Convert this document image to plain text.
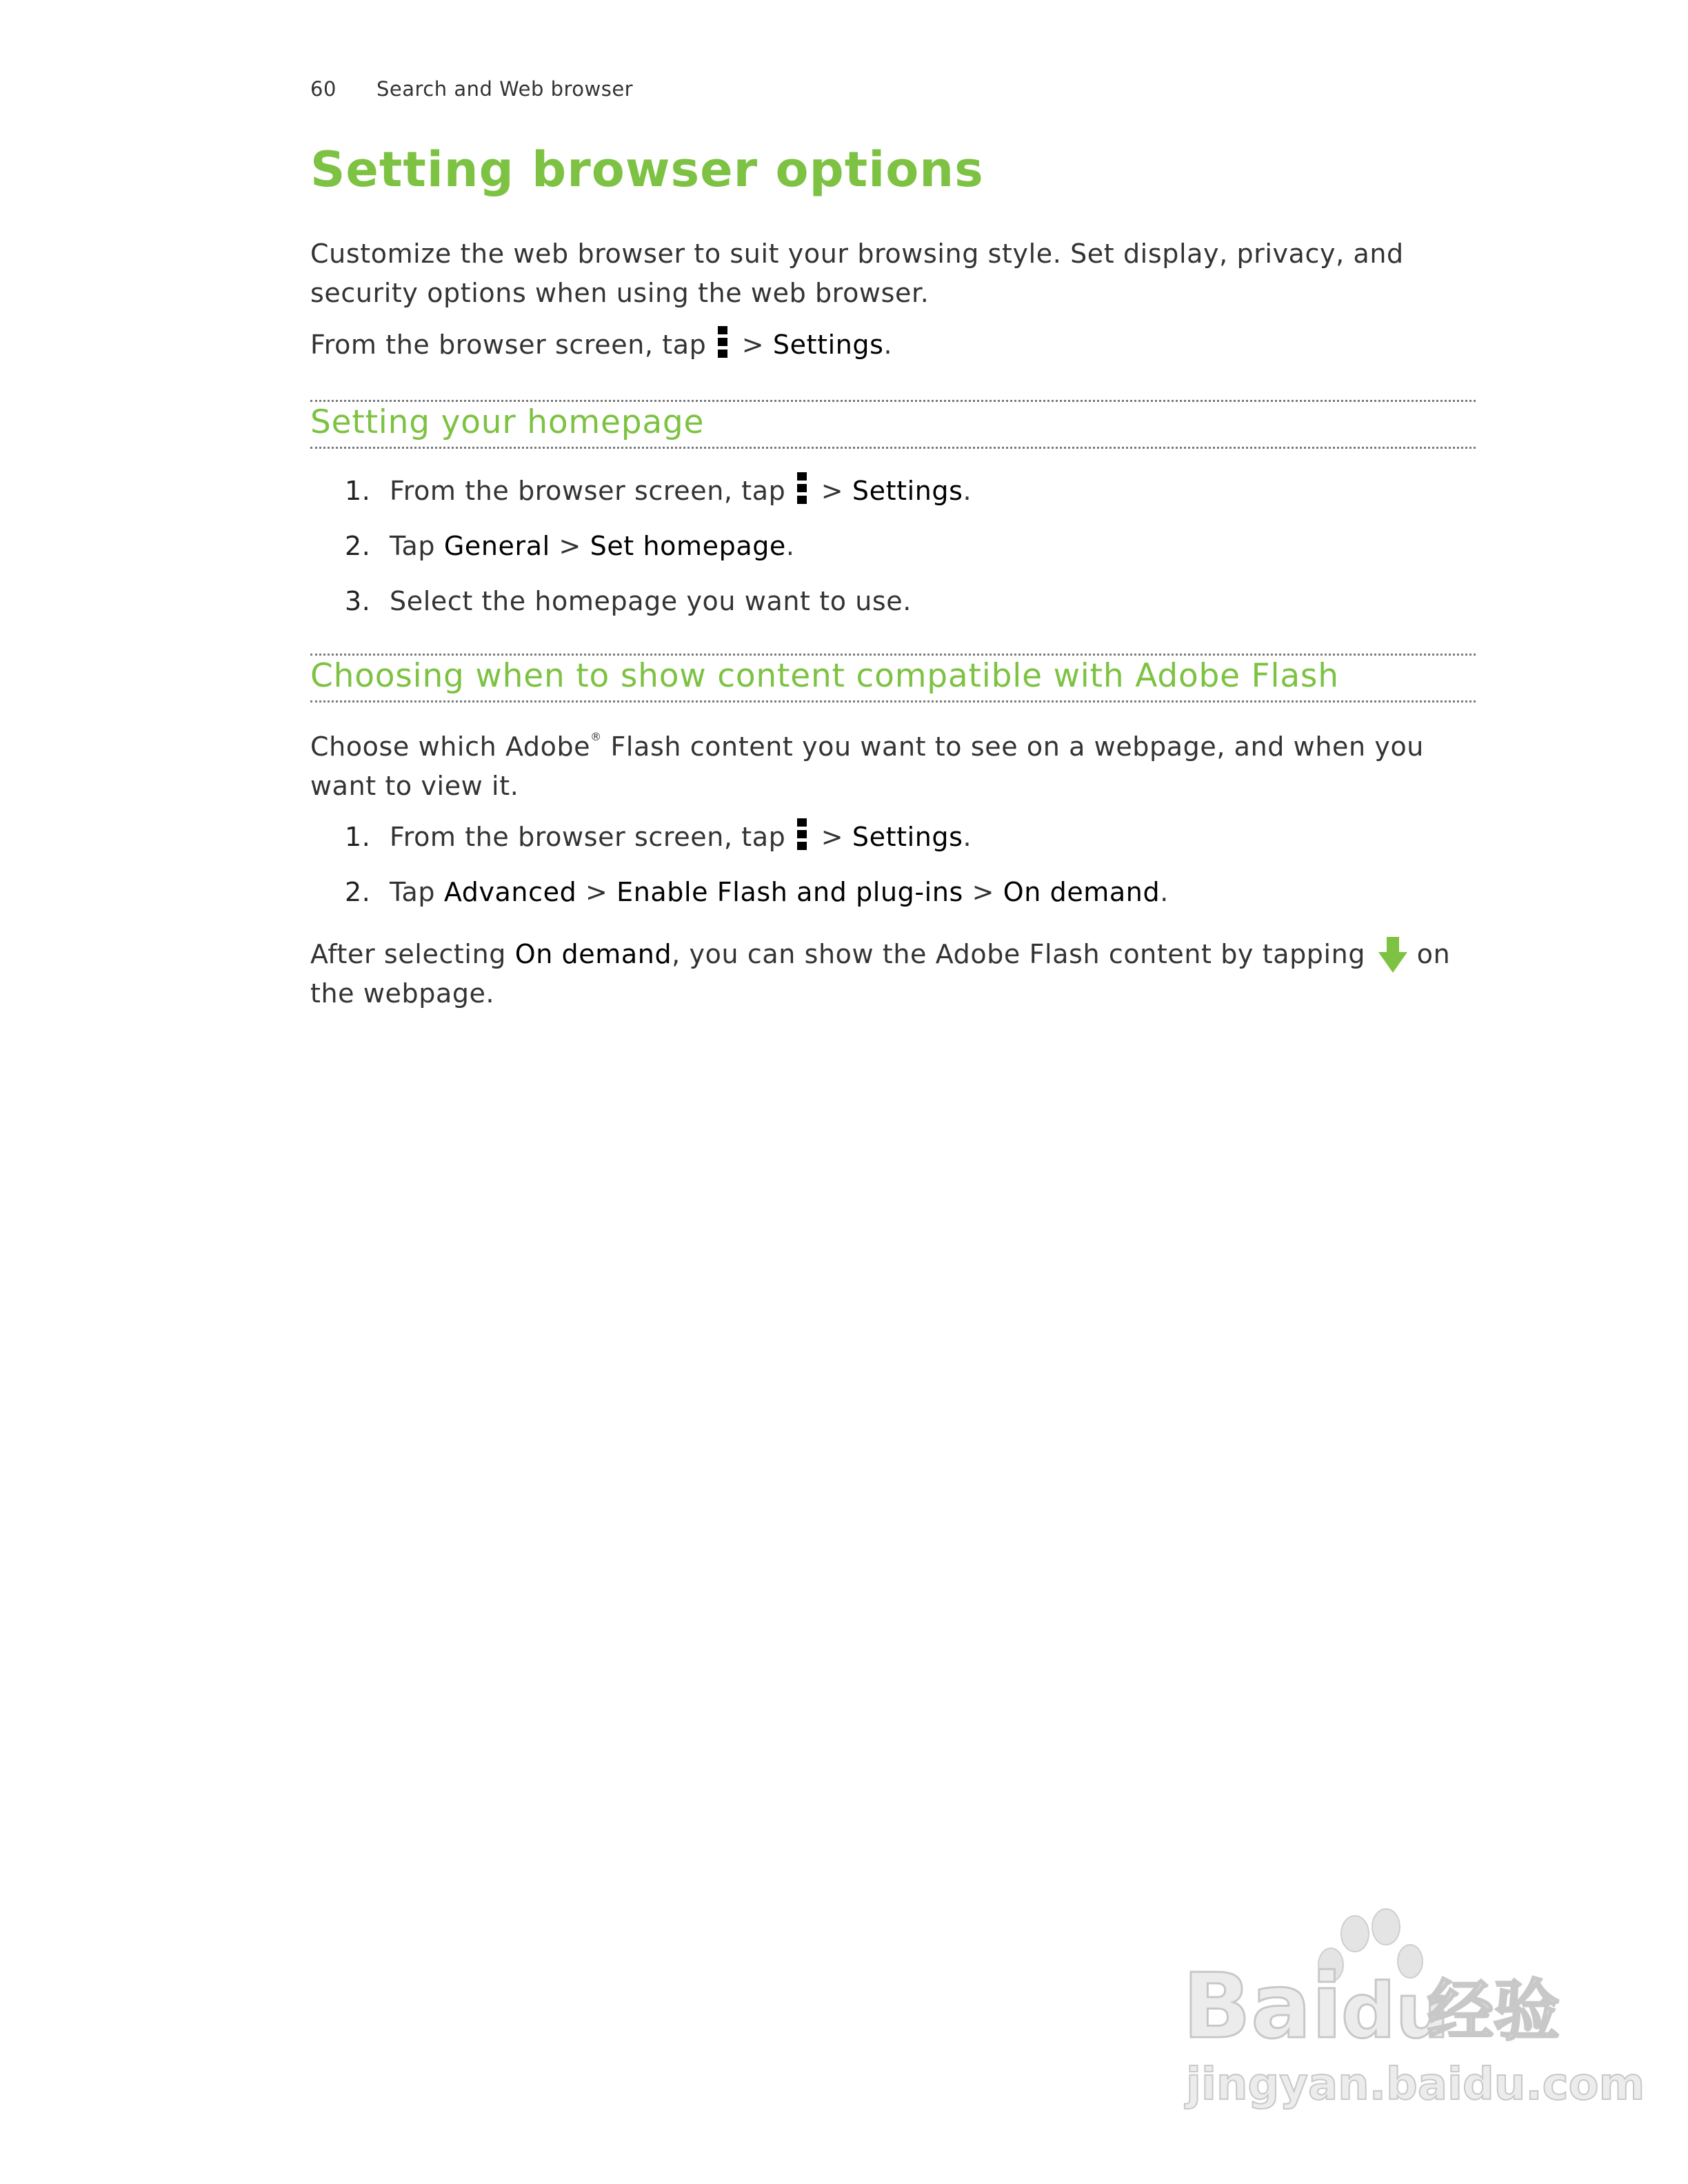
60 Search and Web browser
Setting browser options

Customize the web browser to suit your browsing style. Set display, privacy, and
security options when using the web browser.

From the browser screen, tap  > Settings.

Setting your homepage
1. From the browser screen, tap  > Settings.
2. Tap General > Set homepage.
3. Select the homepage you want to use.
Choosing when to show content compatible with Adobe Flash

Choose which Adobe® Flash content you want to see on a webpage, and when you
want to view it.

1. From the browser screen, tap  > Settings.
2. Tap Advanced > Enable Flash and plug-ins > On demand.

After selecting On demand, you can show the Adobe Flash content by tapping on
the webpage.

Bai
du
经验
jingyan.baidu.com
